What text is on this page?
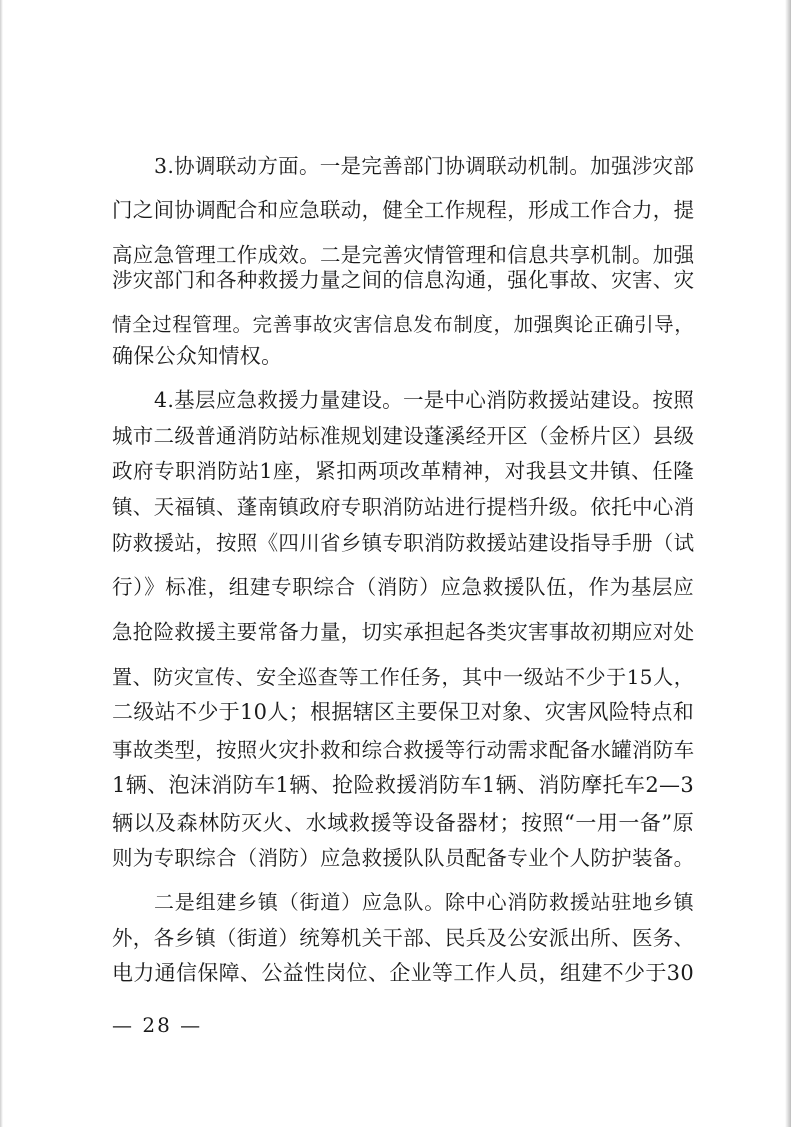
3.协调联动方面。一是完善部门协调联动机制。加强涉灾部
门之间协调配合和应急联动，健全工作规程，形成工作合力，提
高应急管理工作成效。二是完善灾情管理和信息共享机制。加强
涉灾部门和各种救援力量之间的信息沟通，强化事故、灾害、灾
情全过程管理。完善事故灾害信息发布制度，加强舆论正确引导，
确保公众知情权。
4.基层应急救援力量建设。一是中心消防救援站建设。按照
城市二级普通消防站标准规划建设蓬溪经开区（金桥片区）县级
政府专职消防站1座，紧扣两项改革精神，对我县文井镇、任隆
镇、天福镇、蓬南镇政府专职消防站进行提档升级。依托中心消
防救援站，按照《四川省乡镇专职消防救援站建设指导手册（试
行）》标准，组建专职综合（消防）应急救援队伍，作为基层应
急抢险救援主要常备力量，切实承担起各类灾害事故初期应对处
置、防灾宣传、安全巡查等工作任务，其中一级站不少于15人，
二级站不少于10人；根据辖区主要保卫对象、灾害风险特点和
事故类型，按照火灾扑救和综合救援等行动需求配备水罐消防车
1辆、泡沫消防车1辆、抢险救援消防车1辆、消防摩托车2—3
辆以及森林防灭火、水域救援等设备器材；按照“一用一备”原
则为专职综合（消防）应急救援队队员配备专业个人防护装备。
二是组建乡镇（街道）应急队。除中心消防救援站驻地乡镇
外，各乡镇（街道）统筹机关干部、民兵及公安派出所、医务、
电力通信保障、公益性岗位、企业等工作人员，组建不少于30
— 28 —
